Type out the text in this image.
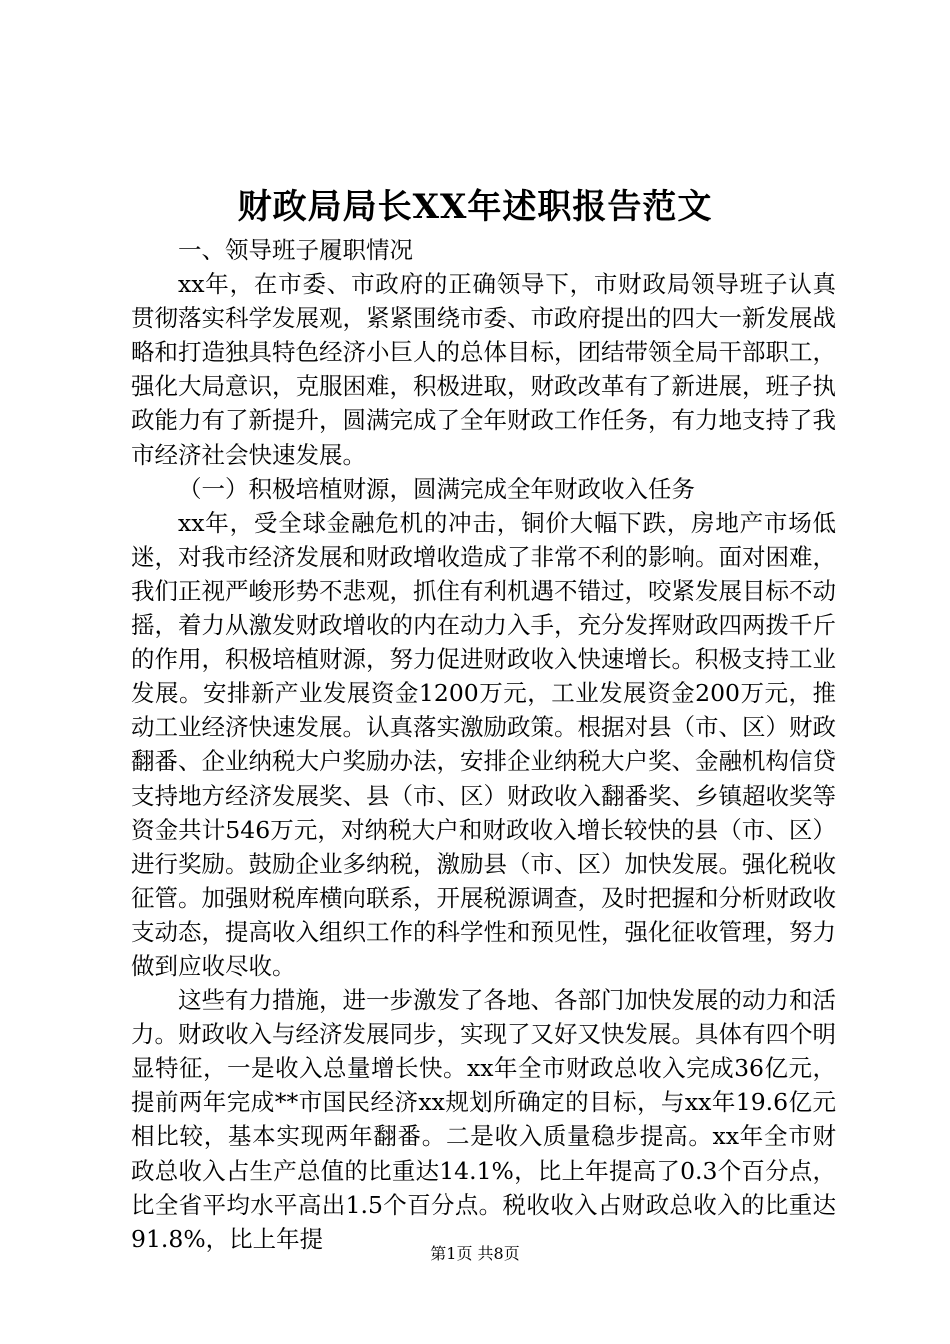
财政局局长XX年述职报告范文

一、领导班子履职情况

xx年，在市委、市政府的正确领导下，市财政局领导班子认真贯彻落实科学发展观，紧紧围绕市委、市政府提出的四大一新发展战略和打造独具特色经济小巨人的总体目标，团结带领全局干部职工，强化大局意识，克服困难，积极进取，财政改革有了新进展，班子执政能力有了新提升，圆满完成了全年财政工作任务，有力地支持了我市经济社会快速发展。

（一）积极培植财源，圆满完成全年财政收入任务

xx年，受全球金融危机的冲击，铜价大幅下跌，房地产市场低迷，对我市经济发展和财政增收造成了非常不利的影响。面对困难，我们正视严峻形势不悲观，抓住有利机遇不错过，咬紧发展目标不动摇，着力从激发财政增收的内在动力入手，充分发挥财政四两拨千斤的作用，积极培植财源，努力促进财政收入快速增长。积极支持工业发展。安排新产业发展资金1200万元，工业发展资金200万元，推动工业经济快速发展。认真落实激励政策。根据对县（市、区）财政翻番、企业纳税大户奖励办法，安排企业纳税大户奖、金融机构信贷支持地方经济发展奖、县（市、区）财政收入翻番奖、乡镇超收奖等资金共计546万元，对纳税大户和财政收入增长较快的县（市、区）进行奖励。鼓励企业多纳税，激励县（市、区）加快发展。强化税收征管。加强财税库横向联系，开展税源调查，及时把握和分析财政收支动态，提高收入组织工作的科学性和预见性，强化征收管理，努力做到应收尽收。

这些有力措施，进一步激发了各地、各部门加快发展的动力和活力。财政收入与经济发展同步，实现了又好又快发展。具体有四个明显特征，一是收入总量增长快。xx年全市财政总收入完成36亿元，提前两年完成**市国民经济xx规划所确定的目标，与xx年19.6亿元相比较，基本实现两年翻番。二是收入质量稳步提高。xx年全市财政总收入占生产总值的比重达14.1%，比上年提高了0.3个百分点，比全省平均水平高出1.5个百分点。税收收入占财政总收入的比重达91.8%，比上年提

第1页 共8页
